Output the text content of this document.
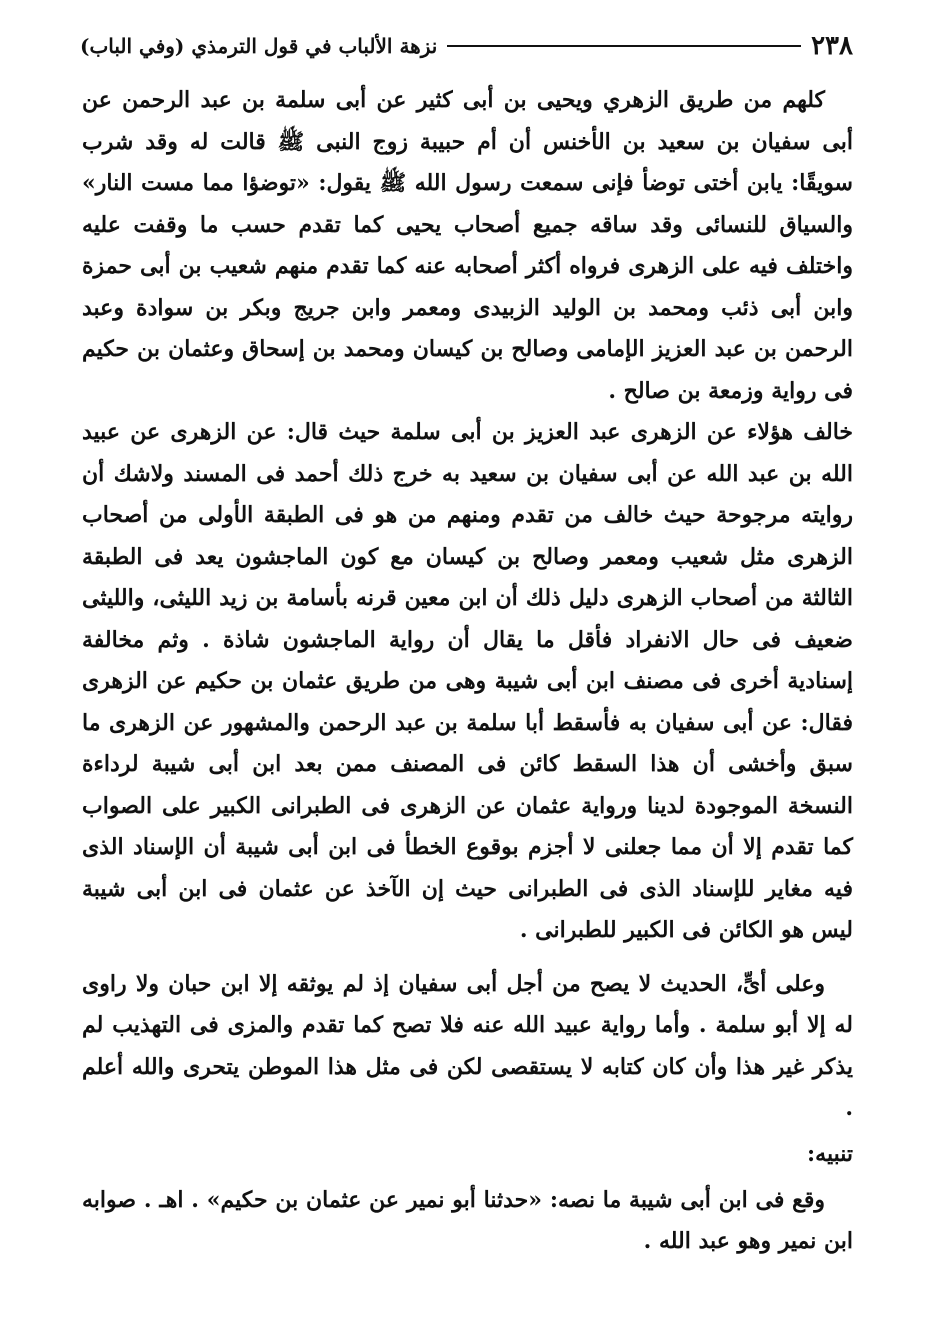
٢٣٨
نزهة الألباب في قول الترمذي (وفي الباب)

كلهم من طريق الزهري ويحيى بن أبى كثير عن أبى سلمة بن عبد الرحمن عن أبى سفيان بن سعيد بن الأخنس أن أم حبيبة زوج النبى ﷺ قالت له وقد شرب سويقًا: يابن أختى توضأ فإنى سمعت رسول الله ﷺ يقول: «توضؤا مما مست النار» والسياق للنسائى وقد ساقه جميع أصحاب يحيى كما تقدم حسب ما وقفت عليه واختلف فيه على الزهرى فرواه أكثر أصحابه عنه كما تقدم منهم شعيب بن أبى حمزة وابن أبى ذئب ومحمد بن الوليد الزبيدى ومعمر وابن جريج وبكر بن سوادة وعبد الرحمن بن عبد العزيز الإمامى وصالح بن كيسان ومحمد بن إسحاق وعثمان بن حكيم فى رواية وزمعة بن صالح .

خالف هؤلاء عن الزهرى عبد العزيز بن أبى سلمة حيث قال: عن الزهرى عن عبيد الله بن عبد الله عن أبى سفيان بن سعيد به خرج ذلك أحمد فى المسند ولاشك أن روايته مرجوحة حيث خالف من تقدم ومنهم من هو فى الطبقة الأولى من أصحاب الزهرى مثل شعيب ومعمر وصالح بن كيسان مع كون الماجشون يعد فى الطبقة الثالثة من أصحاب الزهرى دليل ذلك أن ابن معين قرنه بأسامة بن زيد الليثى، والليثى ضعيف فى حال الانفراد فأقل ما يقال أن رواية الماجشون شاذة . وثم مخالفة إسنادية أخرى فى مصنف ابن أبى شيبة وهى من طريق عثمان بن حكيم عن الزهرى فقال: عن أبى سفيان به فأسقط أبا سلمة بن عبد الرحمن والمشهور عن الزهرى ما سبق وأخشى أن هذا السقط كائن فى المصنف ممن بعد ابن أبى شيبة لرداءة النسخة الموجودة لدينا ورواية عثمان عن الزهرى فى الطبرانى الكبير على الصواب كما تقدم إلا أن مما جعلنى لا أجزم بوقوع الخطأ فى ابن أبى شيبة أن الإسناد الذى فيه مغاير للإسناد الذى فى الطبرانى حيث إن الآخذ عن عثمان فى ابن أبى شيبة ليس هو الكائن فى الكبير للطبرانى .

وعلى أىٍّ، الحديث لا يصح من أجل أبى سفيان إذ لم يوثقه إلا ابن حبان ولا راوى له إلا أبو سلمة . وأما رواية عبيد الله عنه فلا تصح كما تقدم والمزى فى التهذيب لم يذكر غير هذا وأن كان كتابه لا يستقصى لكن فى مثل هذا الموطن يتحرى والله أعلم .

تنبيه:

وقع فى ابن أبى شيبة ما نصه: «حدثنا أبو نمير عن عثمان بن حكيم» . اهـ . صوابه ابن نمير وهو عبد الله .
